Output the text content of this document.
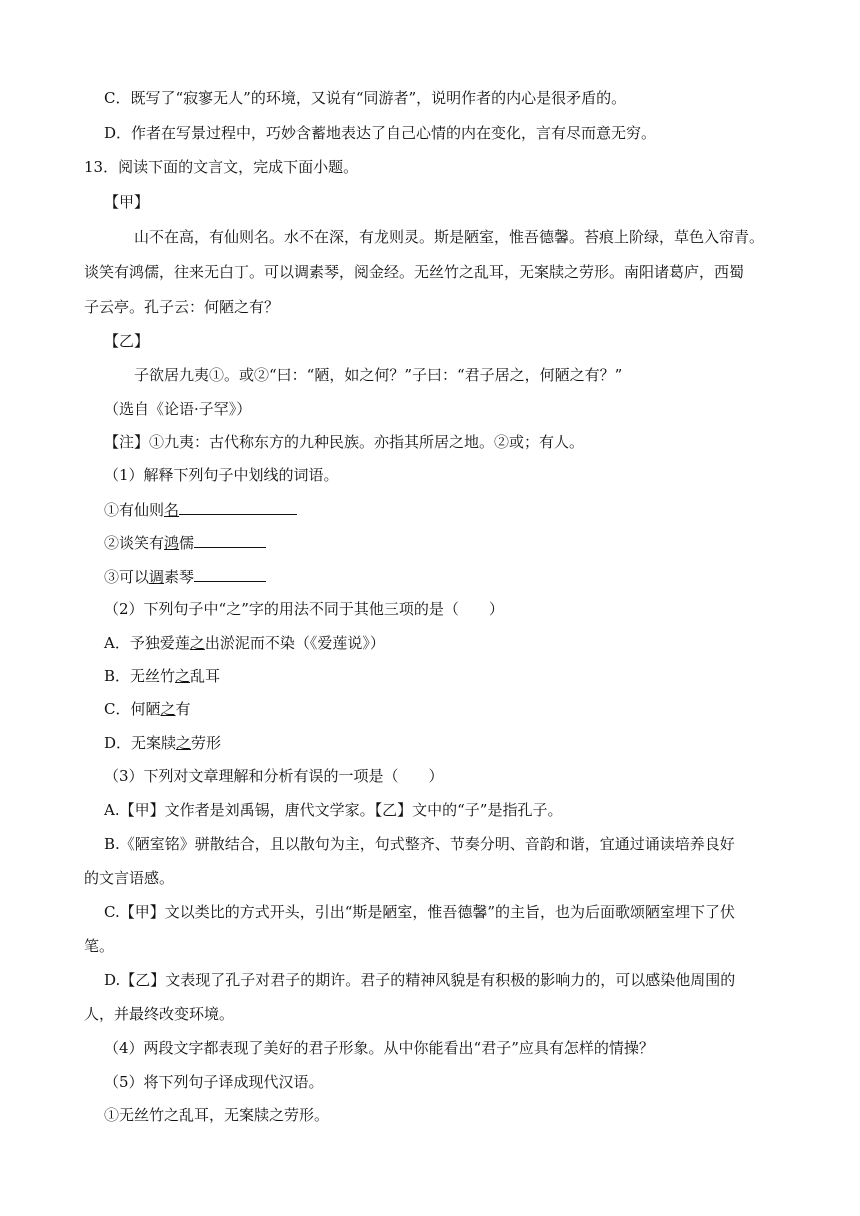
C．既写了“寂寥无人”的环境，又说有“同游者”，说明作者的内心是很矛盾的。
D．作者在写景过程中，巧妙含蓄地表达了自己心情的内在变化，言有尽而意无穷。
13．阅读下面的文言文，完成下面小题。
【甲】
山不在高，有仙则名。水不在深，有龙则灵。斯是陋室，惟吾德馨。苔痕上阶绿，草色入帘青。
谈笑有鸿儒，往来无白丁。可以调素琴，阅金经。无丝竹之乱耳，无案牍之劳形。南阳诸葛庐，西蜀
子云亭。孔子云：何陋之有？
【乙】
子欲居九夷①。或②“曰：“陋，如之何？”子曰：“君子居之，何陋之有？”
（选自《论语·子罕》）
【注】①九夷：古代称东方的九种民族。亦指其所居之地。②或；有人。
（1）解释下列句子中划线的词语。
①有仙则名
②谈笑有鸿儒
③可以调素琴
（2）下列句子中“之”字的用法不同于其他三项的是（　　）
A．予独爱莲之出淤泥而不染（《爱莲说》）
B．无丝竹之乱耳
C．何陋之有
D．无案牍之劳形
（3）下列对文章理解和分析有误的一项是（　　）
A.【甲】文作者是刘禹锡，唐代文学家。【乙】文中的“子”是指孔子。
B.《陋室铭》骈散结合，且以散句为主，句式整齐、节奏分明、音韵和谐，宜通过诵读培养良好
的文言语感。
C.【甲】文以类比的方式开头，引出“斯是陋室，惟吾德馨”的主旨，也为后面歌颂陋室埋下了伏
笔。
D.【乙】文表现了孔子对君子的期许。君子的精神风貌是有积极的影响力的，可以感染他周围的
人，并最终改变环境。
（4）两段文字都表现了美好的君子形象。从中你能看出“君子”应具有怎样的情操？
（5）将下列句子译成现代汉语。
①无丝竹之乱耳，无案牍之劳形。
